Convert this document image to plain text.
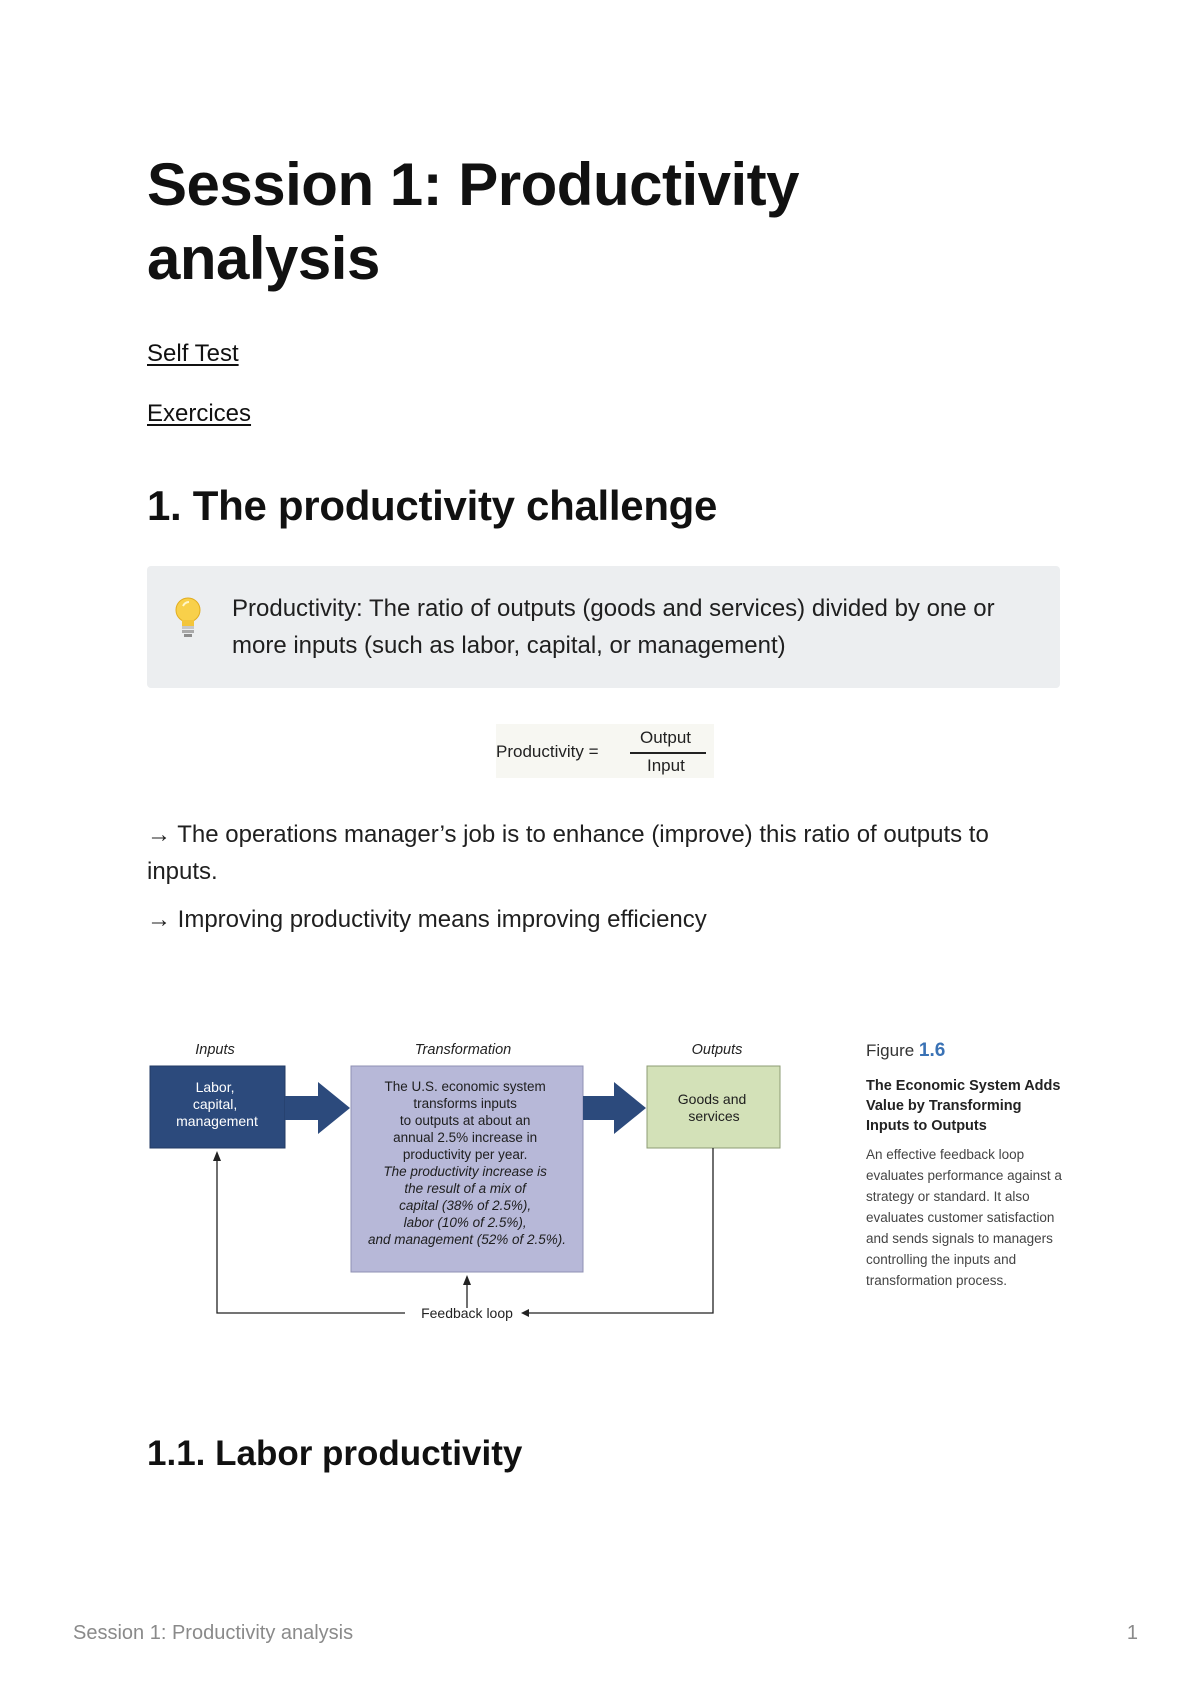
Session 1: Productivity analysis
Self Test
Exercices
1. The productivity challenge
Productivity: The ratio of outputs (goods and services) divided by one or more inputs (such as labor, capital, or management)
Productivity =
Output
Input
→ The operations manager’s job is to enhance (improve) this ratio of outputs to inputs.
→ Improving productivity means improving efficiency
Inputs	Transformation	Outputs
Labor, capital, management
The U.S. economic system transforms inputs to outputs at about an annual 2.5% increase in productivity per year. The productivity increase is the result of a mix of capital (38% of 2.5%), labor (10% of 2.5%), and management (52% of 2.5%).
Goods and services
Feedback loop
Figure 1.6
The Economic System Adds Value by Transforming Inputs to Outputs
An effective feedback loop evaluates performance against a strategy or standard. It also evaluates customer satisfaction and sends signals to managers controlling the inputs and transformation process.
1.1. Labor productivity
Session 1: Productivity analysis	1
